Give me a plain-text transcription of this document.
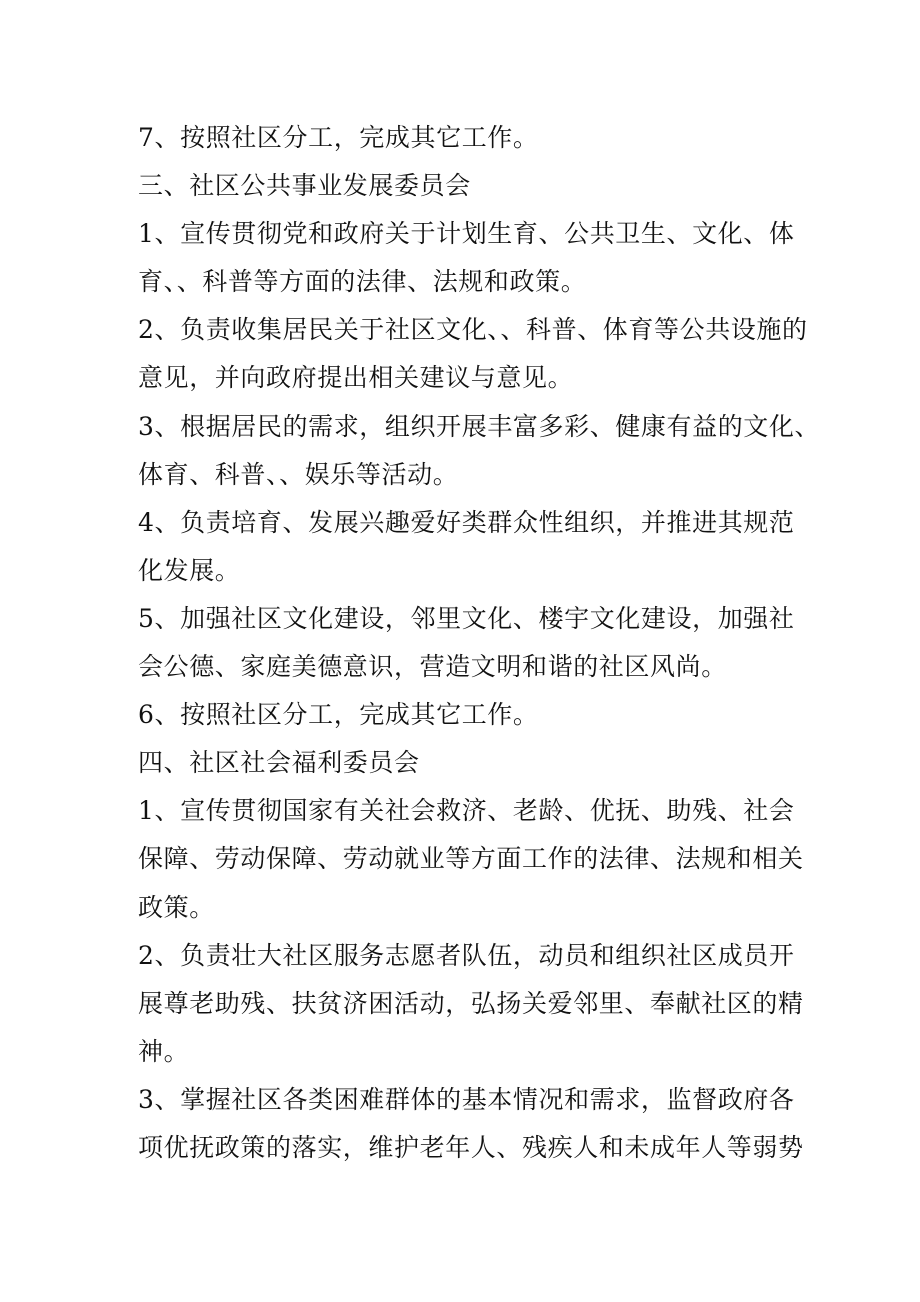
7、按照社区分工，完成其它工作。
三、社区公共事业发展委员会
1、宣传贯彻党和政府关于计划生育、公共卫生、文化、体
育、、科普等方面的法律、法规和政策。
2、负责收集居民关于社区文化、、科普、体育等公共设施的
意见，并向政府提出相关建议与意见。
3、根据居民的需求，组织开展丰富多彩、健康有益的文化、
体育、科普、、娱乐等活动。
4、负责培育、发展兴趣爱好类群众性组织，并推进其规范
化发展。
5、加强社区文化建设，邻里文化、楼宇文化建设，加强社
会公德、家庭美德意识，营造文明和谐的社区风尚。
6、按照社区分工，完成其它工作。
四、社区社会福利委员会
1、宣传贯彻国家有关社会救济、老龄、优抚、助残、社会
保障、劳动保障、劳动就业等方面工作的法律、法规和相关
政策。
2、负责壮大社区服务志愿者队伍，动员和组织社区成员开
展尊老助残、扶贫济困活动，弘扬关爱邻里、奉献社区的精
神。
3、掌握社区各类困难群体的基本情况和需求，监督政府各
项优抚政策的落实，维护老年人、残疾人和未成年人等弱势
